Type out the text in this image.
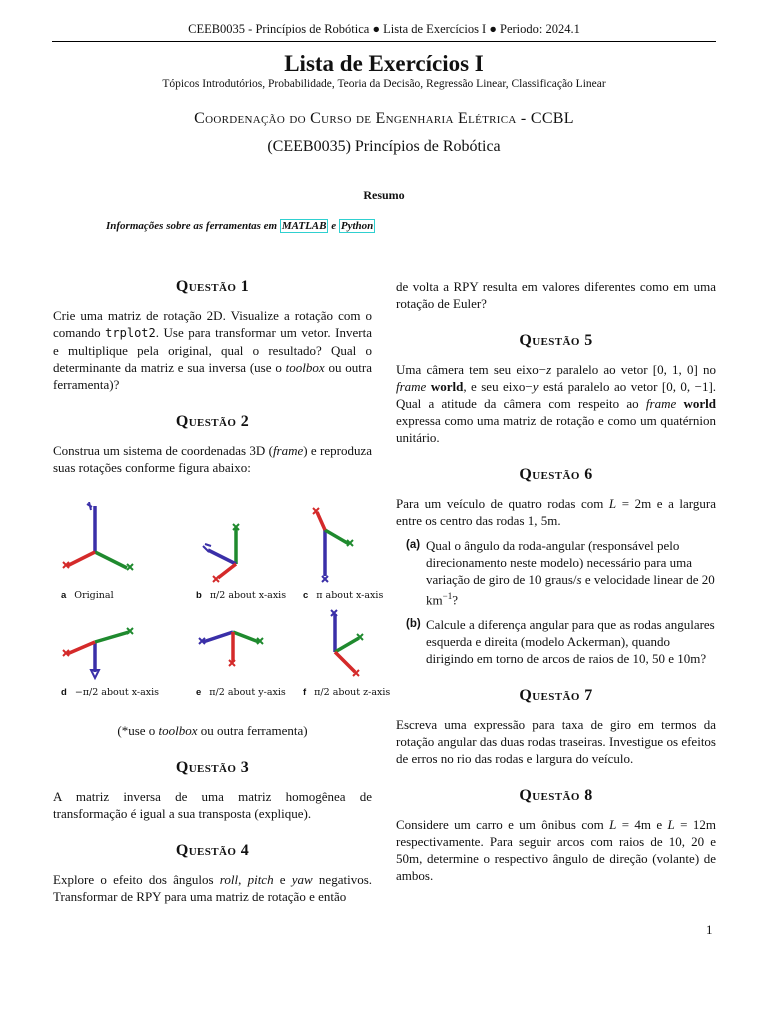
CEEB0035 - Princípios de Robótica ● Lista de Exercícios I ● Periodo: 2024.1
Lista de Exercícios I
Tópicos Introdutórios, Probabilidade, Teoria da Decisão, Regressão Linear, Classificação Linear
Coordenação do Curso de Engenharia Elétrica - CCBL
(CEEB0035) Princípios de Robótica
Resumo
Informações sobre as ferramentas em MATLAB e Python
Questão 1

Crie uma matriz de rotação 2D. Visualize a rotação com o comando trplot2. Use para transformar um vetor. Inverta e multiplique pela original, qual o resultado? Qual o determinante da matriz e sua inversa (use o toolbox ou outra ferramenta)?

Questão 2

Construa um sistema de coordenadas 3D (frame) e reproduza suas rotações conforme figura abaixo:

a Original	b π/2 about x-axis c π about x-axis
d −π/2 about x-axis	e π/2 about y-axis f π/2 about z-axis

(*use o toolbox ou outra ferramenta)

Questão 3

A matriz inversa de uma matriz homogênea de transformação é igual a sua transposta (explique).

Questão 4

Explore o efeito dos ângulos roll, pitch e yaw negativos. Transformar de RPY para uma matriz de rotação e então

de volta a RPY resulta em valores diferentes como em uma rotação de Euler?

Questão 5

Uma câmera tem seu eixo−z paralelo ao vetor [0, 1, 0] no frame world, e seu eixo−y está paralelo ao vetor [0, 0, −1]. Qual a atitude da câmera com respeito ao frame world expressa como uma matriz de rotação e como um quatérnion unitário.

Questão 6

Para um veículo de quatro rodas com L = 2m e a largura entre os centro das rodas 1, 5m.

(a) Qual o ângulo da roda-angular (responsável pelo direcionamento neste modelo) necessário para uma variação de giro de 10 graus/s e velocidade linear de 20 $km^{-1}$?
(b) Calcule a diferença angular para que as rodas angulares esquerda e direita (modelo Ackerman), quando dirigindo em torno de arcos de raios de 10, 50 e 10m?
Questão 7

Escreva uma expressão para taxa de giro em termos da rotação angular das duas rodas traseiras. Investigue os efeitos de erros no rio das rodas e largura do veículo.

Questão 8

Considere um carro e um ônibus com L = 4m e L = 12m respectivamente. Para seguir arcos com raios de 10, 20 e 50m, determine o respectivo ângulo de direção (volante) de ambos.

1
